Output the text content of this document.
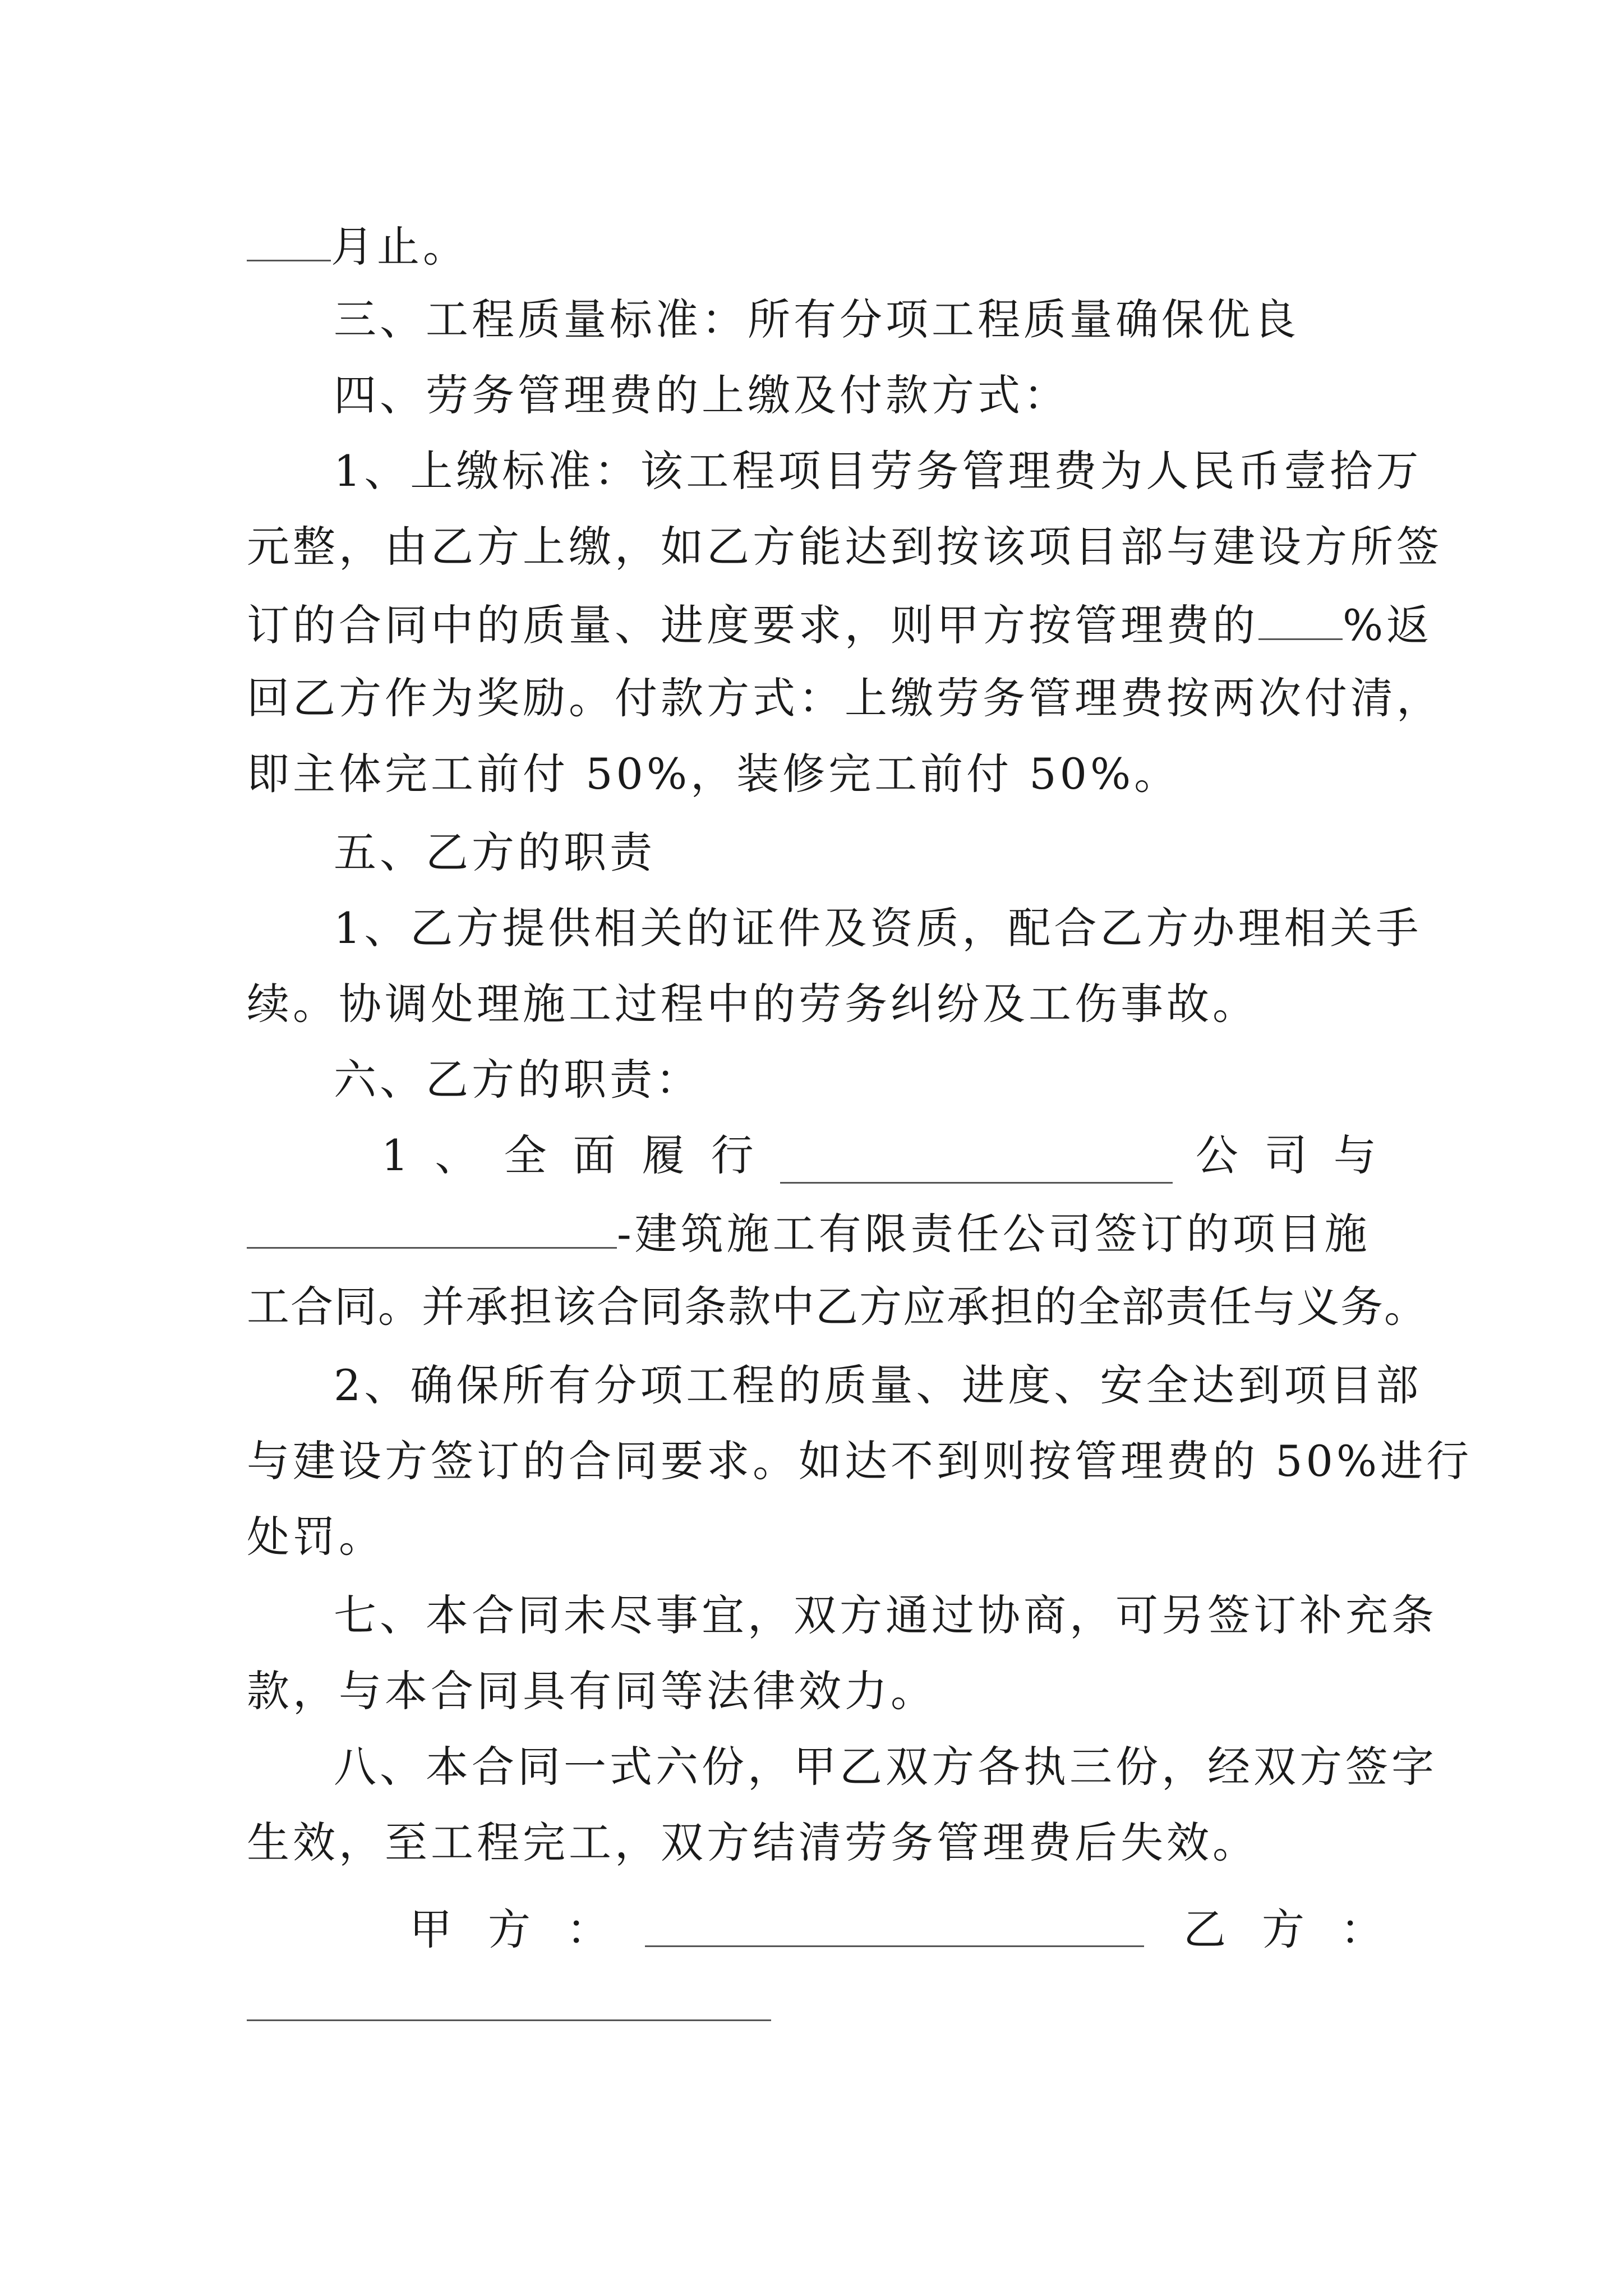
月止。
三、工程质量标准：所有分项工程质量确保优良
四、劳务管理费的上缴及付款方式：
1、上缴标准：该工程项目劳务管理费为人民币壹拾万
元整，由乙方上缴，如乙方能达到按该项目部与建设方所签
订的合同中的质量、进度要求，则甲方按管理费的 %返
回乙方作为奖励。付款方式：上缴劳务管理费按两次付清，
即主体完工前付 50%，装修完工前付 50%。
五、乙方的职责
1、乙方提供相关的证件及资质，配合乙方办理相关手
续。协调处理施工过程中的劳务纠纷及工伤事故。
六、乙方的职责：
1 、 全 面 履 行	公 司 与
-建筑施工有限责任公司签订的项目施
工合同。并承担该合同条款中乙方应承担的全部责任与义务。
2、确保所有分项工程的质量、进度、安全达到项目部
与建设方签订的合同要求。如达不到则按管理费的 50%进行
处罚。
七、本合同未尽事宜，双方通过协商，可另签订补充条
款，与本合同具有同等法律效力。
八、本合同一式六份，甲乙双方各执三份，经双方签字
生效，至工程完工，双方结清劳务管理费后失效。
甲 方 ：	乙 方 ：
